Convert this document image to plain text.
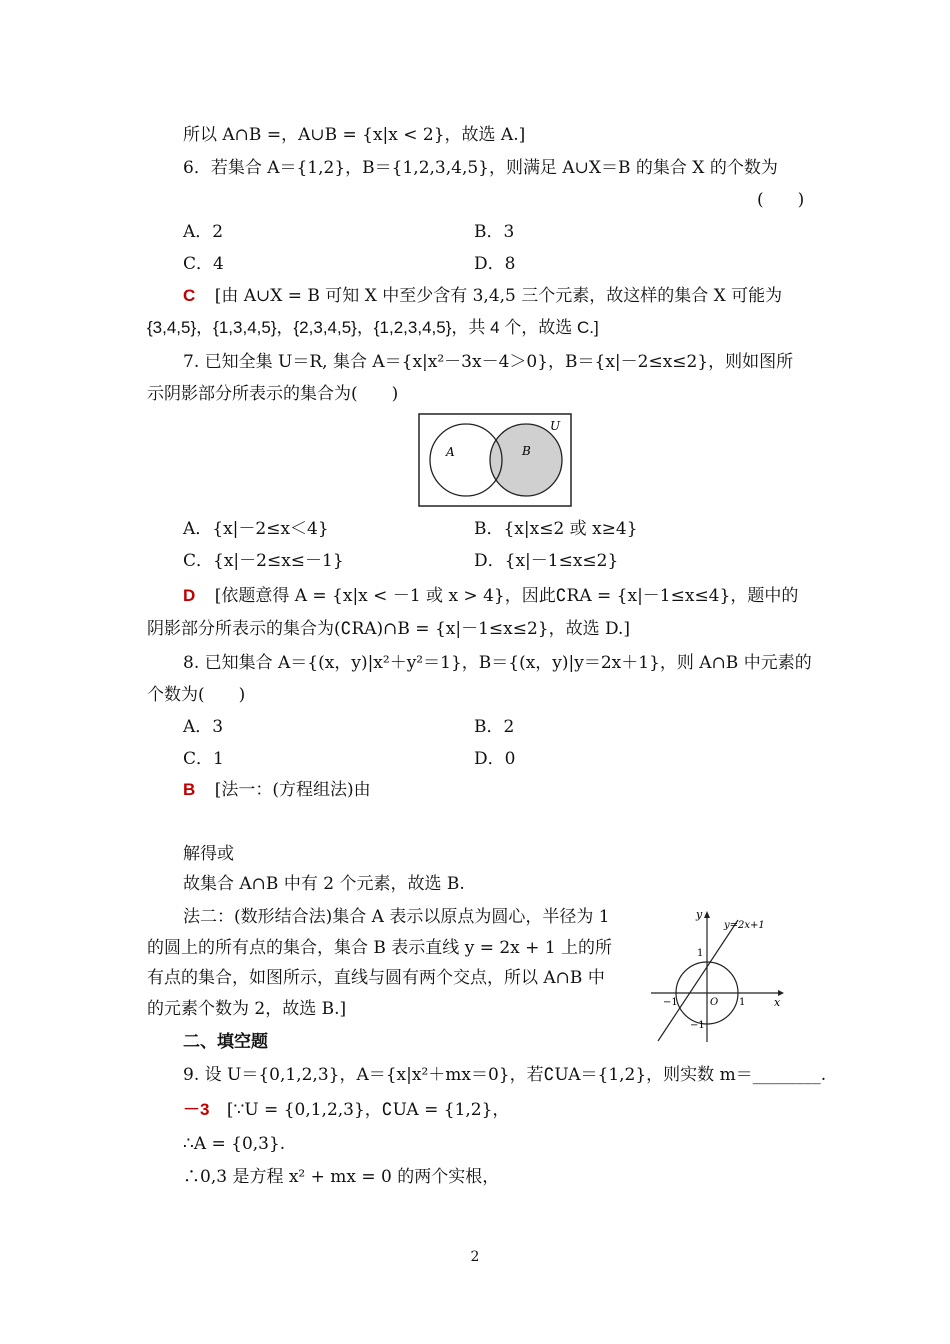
所以 A∩B =，A∪B = {x|x < 2}，故选 A.]
6．若集合 A＝{1,2}，B＝{1,2,3,4,5}，则满足 A∪X＝B 的集合 X 的个数为
(　　)
A．2	B．3
C．4	D．8
C [由 A∪X = B 可知 X 中至少含有 3,4,5 三个元素，故这样的集合 X 可能为
{3,4,5}，{1,3,4,5}，{2,3,4,5}，{1,2,3,4,5}，共 4 个，故选 C.]
7. 已知全集 U＝R, 集合 A＝{x|x²－3x－4＞0}，B＝{x|－2≤x≤2}，则如图所
示阴影部分所表示的集合为(　　)
U
A	B
A．{x|－2≤x＜4}	B．{x|x≤2 或 x≥4}
C．{x|－2≤x≤－1}	D．{x|－1≤x≤2}
D [依题意得 A = {x|x < －1 或 x > 4}，因此∁RA = {x|－1≤x≤4}，题中的
阴影部分所表示的集合为(∁RA)∩B = {x|－1≤x≤2}，故选 D.]
8. 已知集合 A＝{(x，y)|x²＋y²＝1}，B＝{(x，y)|y＝2x＋1}，则 A∩B 中元素的
个数为(　　)
A．3	B．2
C．1	D．0
B [法一：(方程组法)由
解得或
故集合 A∩B 中有 2 个元素，故选 B.
法二：(数形结合法)集合 A 表示以原点为圆心，半径为 1
的圆上的所有点的集合，集合 B 表示直线 y = 2x + 1 上的所
有点的集合，如图所示，直线与圆有两个交点，所以 A∩B 中
的元素个数为 2，故选 B.]
y
x
y=2x+1
1
−1
O 1
−1
二、填空题
9. 设 U＝{0,1,2,3}，A＝{x|x²＋mx＝0}，若∁UA＝{1,2}，则实数 m＝________.
－3 [∵U = {0,1,2,3}，∁UA = {1,2}，
∴A = {0,3}.
∴0,3 是方程 x² + mx = 0 的两个实根，
2
